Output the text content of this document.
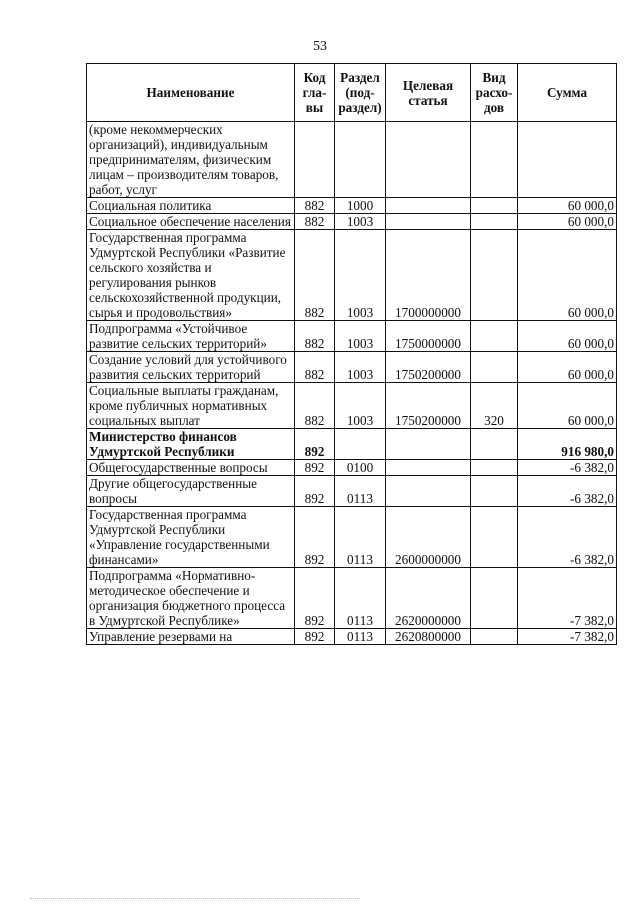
53
Наименование	Код гла- вы	Раздел (под- раздел)	Целевая статья	Вид расхо- дов	Сумма
(кроме некоммерческих организаций), индивидуальным предпринимателям, физическим лицам – производителям товаров, работ, услуг					
Социальная политика	882	1000			60 000,0
Социальное обеспечение населения	882	1003			60 000,0
Государственная программа Удмуртской Республики «Развитие сельского хозяйства и регулирования рынков сельскохозяйственной продукции, сырья и продовольствия»	882	1003	1700000000		60 000,0
Подпрограмма «Устойчивое развитие сельских территорий»	882	1003	1750000000		60 000,0
Создание условий для устойчивого развития сельских территорий	882	1003	1750200000		60 000,0
Социальные выплаты гражданам, кроме публичных нормативных социальных выплат	882	1003	1750200000	320	60 000,0
Министерство финансов Удмуртской Республики	892				916 980,0
Общегосударственные вопросы	892	0100			-6 382,0
Другие общегосударственные вопросы	892	0113			-6 382,0
Государственная программа Удмуртской Республики «Управление государственными финансами»	892	0113	2600000000		-6 382,0
Подпрограмма «Нормативно-методическое обеспечение и организация бюджетного процесса в Удмуртской Республике»	892	0113	2620000000		-7 382,0
Управление резервами на	892	0113	2620800000		-7 382,0
